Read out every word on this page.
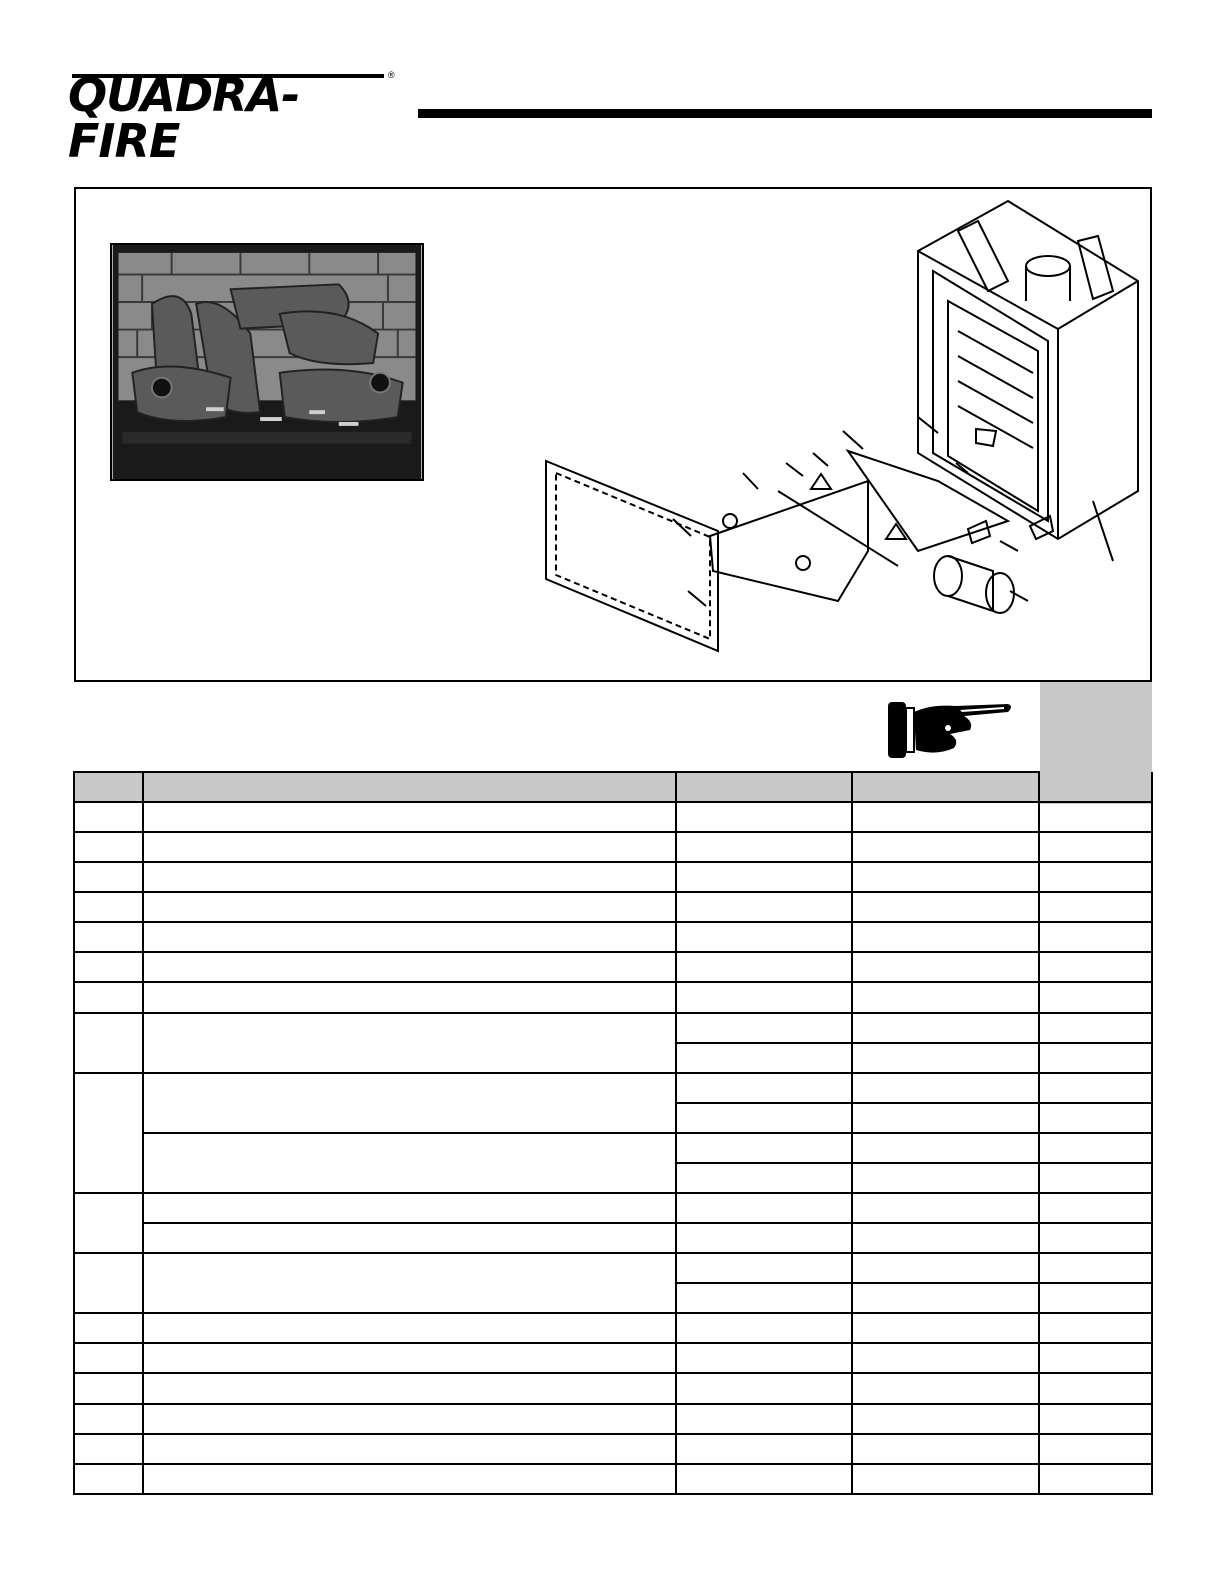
QUADRA-FIRE
®
